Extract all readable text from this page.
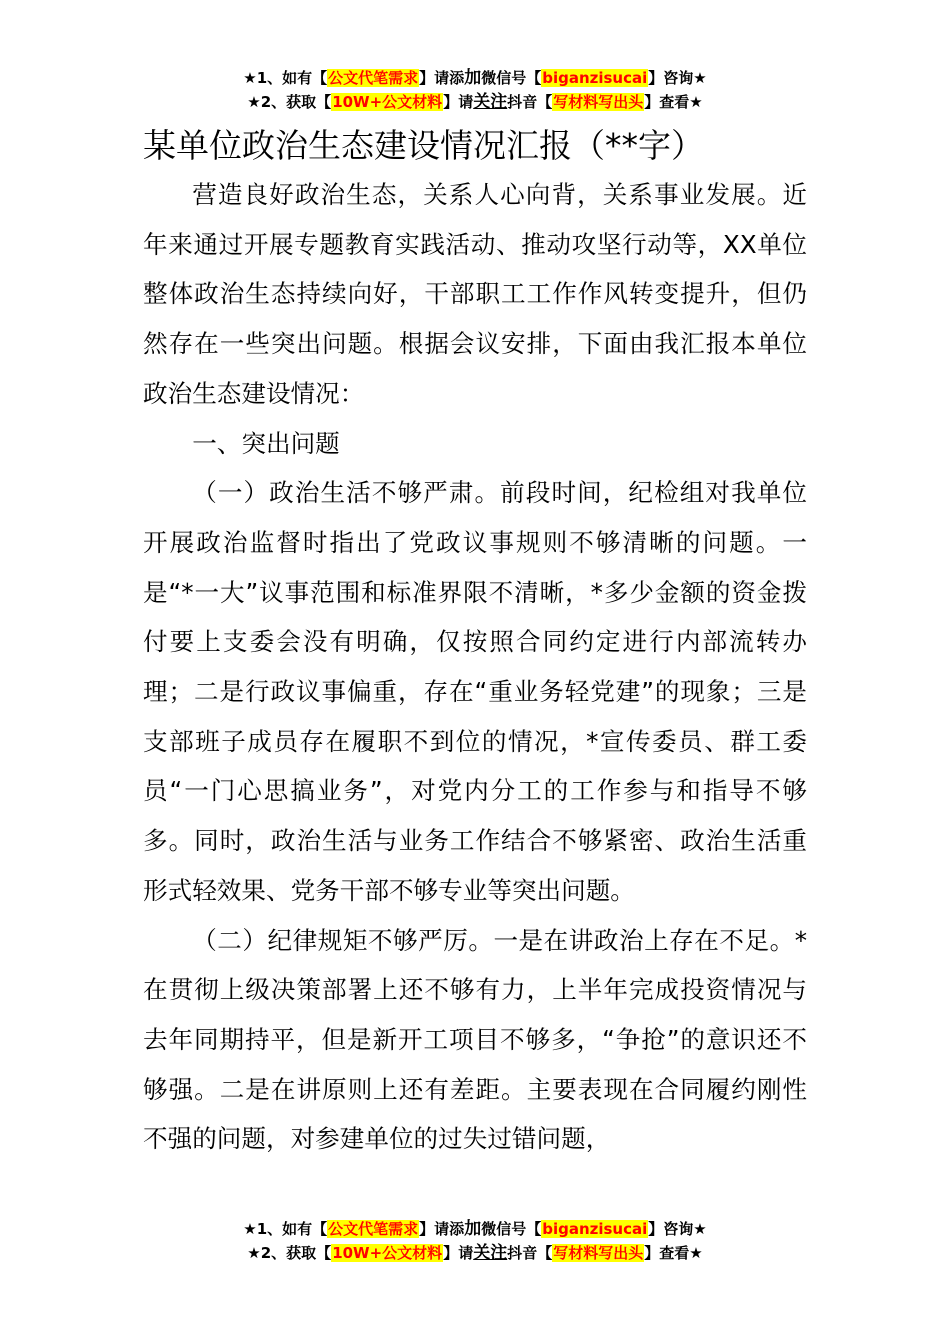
★1、如有【公文代笔需求】请添加微信号【biganzisucai】咨询★
★2、获取【10W+公文材料】请关注抖音【写材料写出头】查看★
某单位政治生态建设情况汇报（**字）

营造良好政治生态，关系人心向背，关系事业发展。近年来通过开展专题教育实践活动、推动攻坚行动等，XX单位整体政治生态持续向好，干部职工工作作风转变提升，但仍然存在一些突出问题。根据会议安排，下面由我汇报本单位政治生态建设情况：

一、突出问题

（一）政治生活不够严肃。前段时间，纪检组对我单位开展政治监督时指出了党政议事规则不够清晰的问题。一是“*一大”议事范围和标准界限不清晰，*多少金额的资金拨付要上支委会没有明确，仅按照合同约定进行内部流转办理；二是行政议事偏重，存在“重业务轻党建”的现象；三是支部班子成员存在履职不到位的情况，*宣传委员、群工委员“一门心思搞业务”，对党内分工的工作参与和指导不够多。同时，政治生活与业务工作结合不够紧密、政治生活重形式轻效果、党务干部不够专业等突出问题。

（二）纪律规矩不够严厉。一是在讲政治上存在不足。*在贯彻上级决策部署上还不够有力，上半年完成投资情况与去年同期持平，但是新开工项目不够多，“争抢”的意识还不够强。二是在讲原则上还有差距。主要表现在合同履约刚性不强的问题，对参建单位的过失过错问题，

★1、如有【公文代笔需求】请添加微信号【biganzisucai】咨询★
★2、获取【10W+公文材料】请关注抖音【写材料写出头】查看★
